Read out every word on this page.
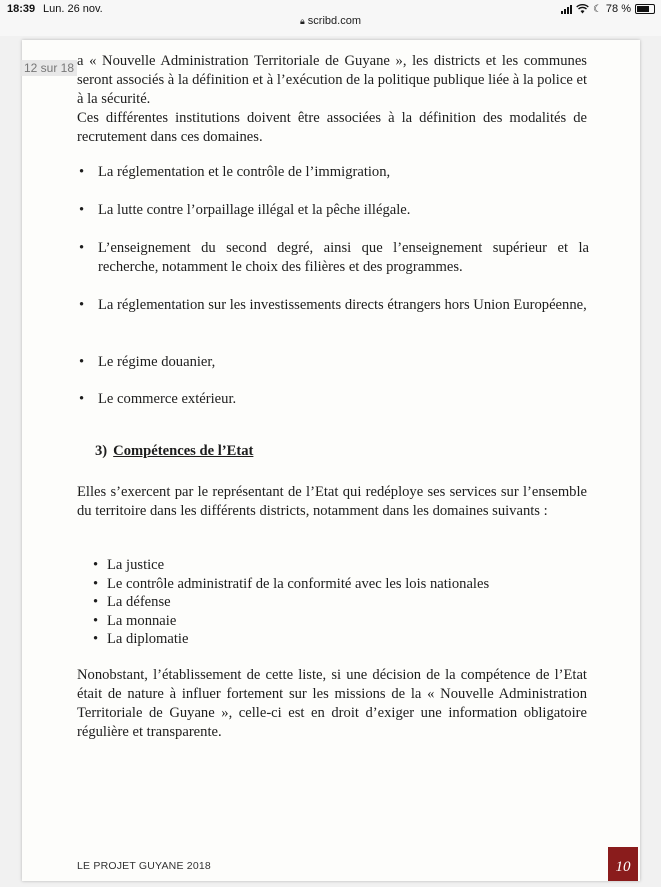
18:39 Lun. 26 nov.	☾ 78 %
🔒︎ scribd.com
12 sur 18 a « Nouvelle Administration Territoriale de Guyane », les districts et les communes seront associés à la définition et à l’exécution de la politique publique liée à la police et à la sécurité.
Ces différentes institutions doivent être associées à la définition des modalités de recrutement dans ces domaines.
• La réglementation et le contrôle de l’immigration,
• La lutte contre l’orpaillage illégal et la pêche illégale.
• L’enseignement du second degré, ainsi que l’enseignement supérieur et la recherche, notamment le choix des filières et des programmes.
• La réglementation sur les investissements directs étrangers hors Union Européenne,
• Le régime douanier,
• Le commerce extérieur.
3) Compétences de l’Etat
Elles s’exercent par le représentant de l’Etat qui redéploye ses services sur l’ensemble du territoire dans les différents districts, notamment dans les domaines suivants :
• La justice
• Le contrôle administratif de la conformité avec les lois nationales
• La défense
• La monnaie
• La diplomatie
Nonobstant, l’établissement de cette liste, si une décision de la compétence de l’Etat était de nature à influer fortement sur les missions de la « Nouvelle Administration Territoriale de Guyane », celle-ci est en droit d’exiger une information obligatoire régulière et transparente.
LE PROJET GUYANE 2018	10
